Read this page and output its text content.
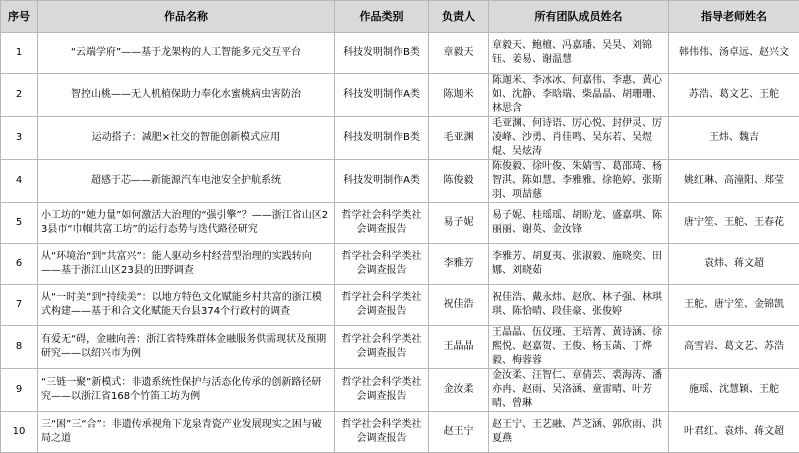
序号	作品名称	作品类别	负责人	所有团队成员姓名	指导老师姓名
1	“云端学府”——基于龙架构的人工智能多元交互平台	科技发明制作B类	章毅天	章毅天、鲍檀、冯嘉璠、吴昊、刘锦钰、姜易、谢温慧	韩伟伟、汤卓远、赵兴文
2	智控山桃——无人机植保助力奉化水蜜桃病虫害防治	科技发明制作A类	陈迦米	陈迦米、李冰冰、何嘉伟、李惠、黄心如、沈静、李晗瑞、柴晶晶、胡珊珊、林思含	苏浩、葛文艺、王舵
3	运动搭子：减肥×社交的智能创新模式应用	科技发明制作B类	毛亚渊	毛亚渊、何诗语、厉心悦、封伊灵、厉凌峰、沙勇、肖佳鸣、吴东若、吴煜焜、吴炫涛	王炜、魏吉
4	超感于芯——新能源汽车电池安全护航系统	科技发明制作A类	陈俊毅	陈俊毅、徐叶俊、朱婧雪、葛邵琦、杨智淇、陈如慧、李雅雅、徐艳婷、张斯羽、项喆慈	姚红琳、高潼阳、郑莹
5	小工坊的“她力量”如何激活大治理的“强引擎”？——浙江省山区23县市“巾帼共富工坊”的运行态势与迭代路径研究	哲学社会科学类社会调查报告	易子妮	易子妮、桂瑶瑶、胡盼龙、盛嘉琪、陈丽丽、谢英、金汝锋	唐宁笙、王舵、王春花
6	从“环境治”到“共富兴”：能人驱动乡村经营型治理的实践转向——基于浙江山区23县的田野调查	哲学社会科学类社会调查报告	李雅芳	李雅芳、胡夏夷、张淑毅、施晓奕、田娜、刘晓茹	袁炜、蒋文超
7	从“一时美”到“持续美”：以地方特色文化赋能乡村共富的浙江模式构建——基于和合文化赋能天台县374个行政村的调查	哲学社会科学类社会调查报告	祝佳浩	祝佳浩、戴永炜、赵欣、林子强、林琪琪、陈恰晴、段佳豪、张俊婷	王舵、唐宁笙、金锦凯
8	有爱无“碍，金融向善：浙江省特殊群体金融服务供需现状及预期研究——以绍兴市为例	哲学社会科学类社会调查报告	王晶晶	王晶晶、伍仪瑾、王培菁、黄诗涵、徐熙悦、赵嘉贺、王俊、杨玉菡、丁烨毅、梅蓉蓉	高雪岩、葛文艺、苏浩
9	“三链一聚”新模式：非遗系统性保护与活态化传承的创新路径研究——以浙江省168个竹笛工坊为例	哲学社会科学类社会调查报告	金汝柔	金汝柔、汪智仁、章倩芸、裘海涛、潘亦冉、赵雨、吴洛涵、童雷晴、叶芳晴、曾琳	施瑶、沈慧颖、王舵
10	三“困”三“合”：非遗传承视角下龙泉青瓷产业发展现实之困与破局之道	哲学社会科学类社会调查报告	赵王宁	赵王宁、王艺融、芦芝涵、郭欣雨、洪夏燕	叶君红、袁炜、蒋文超
